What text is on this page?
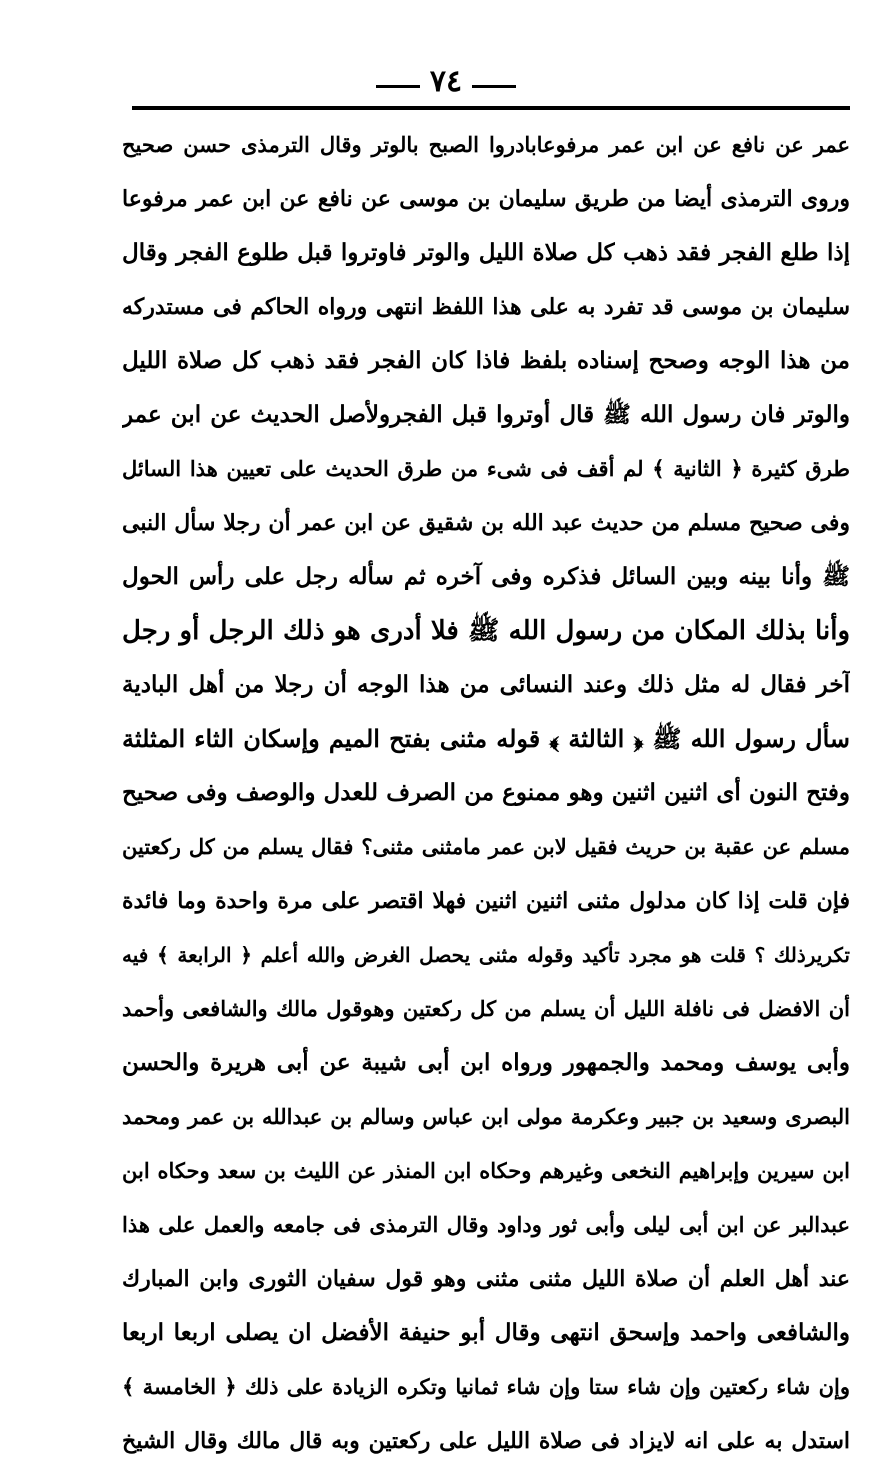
٧٤
عمر عن نافع عن ابن عمر مرفوعابادروا الصبح بالوتر وقال الترمذى حسن صحيح
وروى الترمذى أيضا من طريق سليمان بن موسى عن نافع عن ابن عمر مرفوعا
إذا طلع الفجر فقد ذهب كل صلاة الليل والوتر فاوتروا قبل طلوع الفجر وقال
سليمان بن موسى قد تفرد به على هذا اللفظ انتهى ورواه الحاكم فى مستدركه
من هذا الوجه وصحح إسناده بلفظ فاذا كان الفجر فقد ذهب كل صلاة الليل
والوتر فان رسول الله ﷺ قال أوتروا قبل الفجرولأصل الحديث عن ابن عمر
طرق كثيرة ﴿ الثانية ﴾ لم أقف فى شىء من طرق الحديث على تعيين هذا السائل
وفى صحيح مسلم من حديث عبد الله بن شقيق عن ابن عمر أن رجلا سأل النبى
ﷺ وأنا بينه وبين السائل فذكره وفى آخره ثم سأله رجل على رأس الحول
وأنا بذلك المكان من رسول الله ﷺ فلا أدرى هو ذلك الرجل أو رجل
آخر فقال له مثل ذلك وعند النسائى من هذا الوجه أن رجلا من أهل البادية
سأل رسول الله ﷺ ﴿ الثالثة ﴾ قوله مثنى بفتح الميم وإسكان الثاء المثلثة
وفتح النون أى اثنين اثنين وهو ممنوع من الصرف للعدل والوصف وفى صحيح
مسلم عن عقبة بن حريث فقيل لابن عمر مامثنى مثنى؟ فقال يسلم من كل ركعتين
فإن قلت إذا كان مدلول مثنى اثنين اثنين فهلا اقتصر على مرة واحدة وما فائدة
تكريرذلك ؟ قلت هو مجرد تأكيد وقوله مثنى يحصل الغرض والله أعلم ﴿ الرابعة ﴾ فيه
أن الافضل فى نافلة الليل أن يسلم من كل ركعتين وهوقول مالك والشافعى وأحمد
وأبى يوسف ومحمد والجمهور ورواه ابن أبى شيبة عن أبى هريرة والحسن
البصرى وسعيد بن جبير وعكرمة مولى ابن عباس وسالم بن عبدالله بن عمر ومحمد
ابن سيرين وإبراهيم النخعى وغيرهم وحكاه ابن المنذر عن الليث بن سعد وحكاه ابن
عبدالبر عن ابن أبى ليلى وأبى ثور وداود وقال الترمذى فى جامعه والعمل على هذا
عند أهل العلم أن صلاة الليل مثنى مثنى وهو قول سفيان الثورى وابن المبارك
والشافعى واحمد وإسحق انتهى وقال أبو حنيفة الأفضل ان يصلى اربعا اربعا
وإن شاء ركعتين وإن شاء ستا وإن شاء ثمانيا وتكره الزيادة على ذلك ﴿ الخامسة ﴾
استدل به على انه لايزاد فى صلاة الليل على ركعتين وبه قال مالك وقال الشيخ
